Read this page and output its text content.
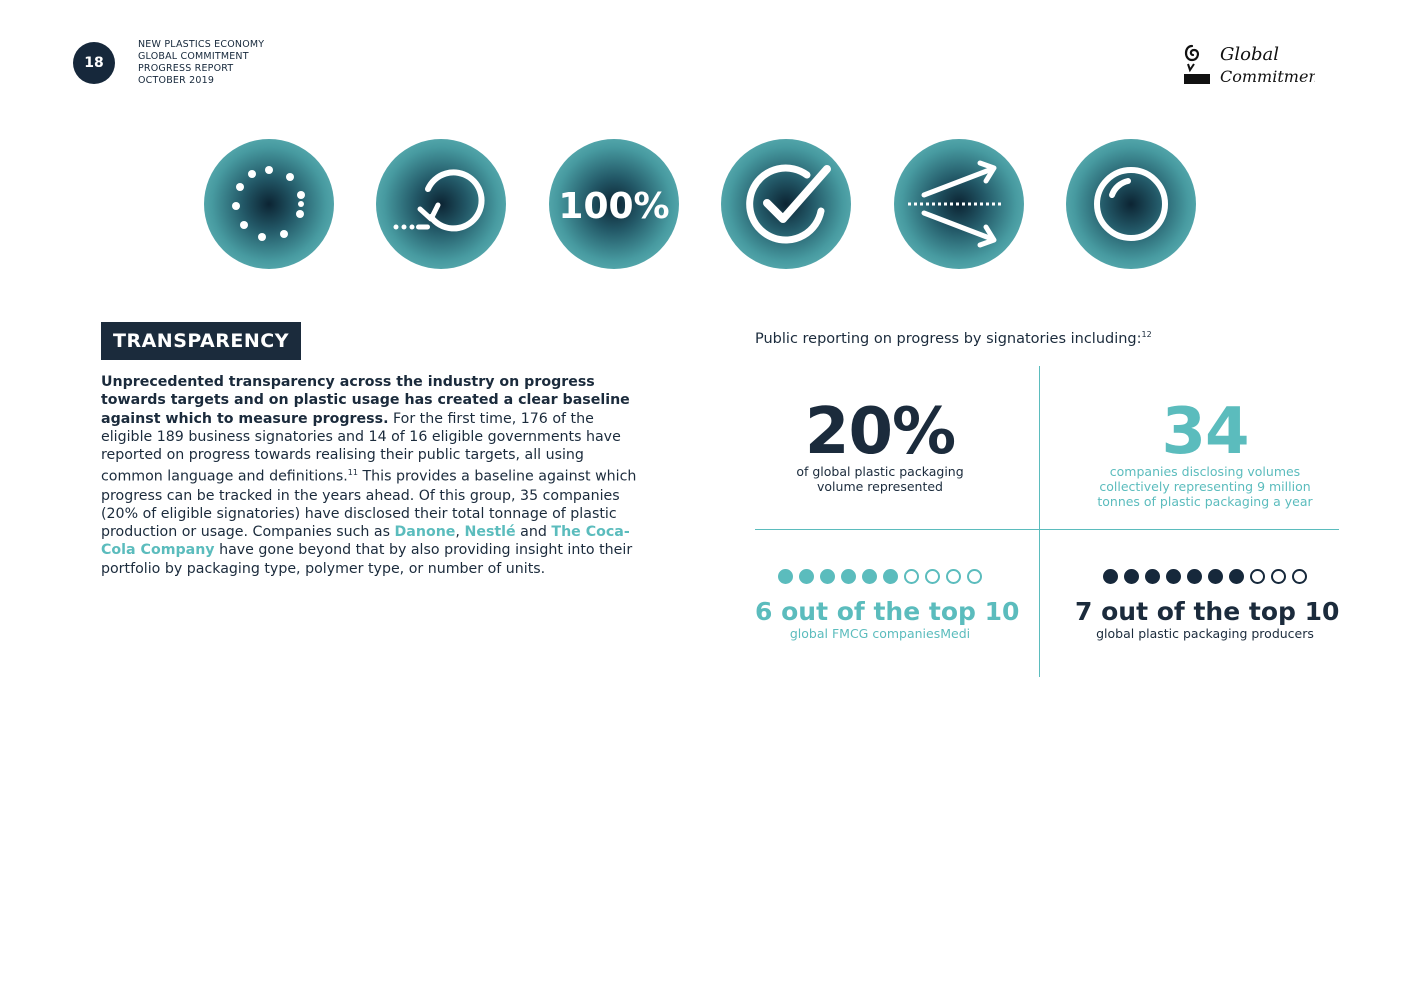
18
NEW PLASTICS ECONOMY
GLOBAL COMMITMENT
PROGRESS REPORT
OCTOBER 2019
Global
Commitment
100%
TRANSPARENCY
Unprecedented transparency across the industry on progress towards targets and on plastic usage has created a clear baseline against which to measure progress. For the first time, 176 of the eligible 189 business signatories and 14 of 16 eligible governments have reported on progress towards realising their public targets, all using common language and definitions.$^{11}$ This provides a baseline against which progress can be tracked in the years ahead. Of this group, 35 companies (20% of eligible signatories) have disclosed their total tonnage of plastic production or usage. Companies such as Danone, Nestlé and The Coca-Cola Company have gone beyond that by also providing insight into their portfolio by packaging type, polymer type, or number of units.
Public reporting on progress by signatories including:$^{12}$
20%
of global plastic packaging
volume represented
34
companies disclosing volumes
collectively representing 9 million
tonnes of plastic packaging a year
6 out of the top 10
global FMCG companiesMedi
7 out of the top 10
global plastic packaging producers
